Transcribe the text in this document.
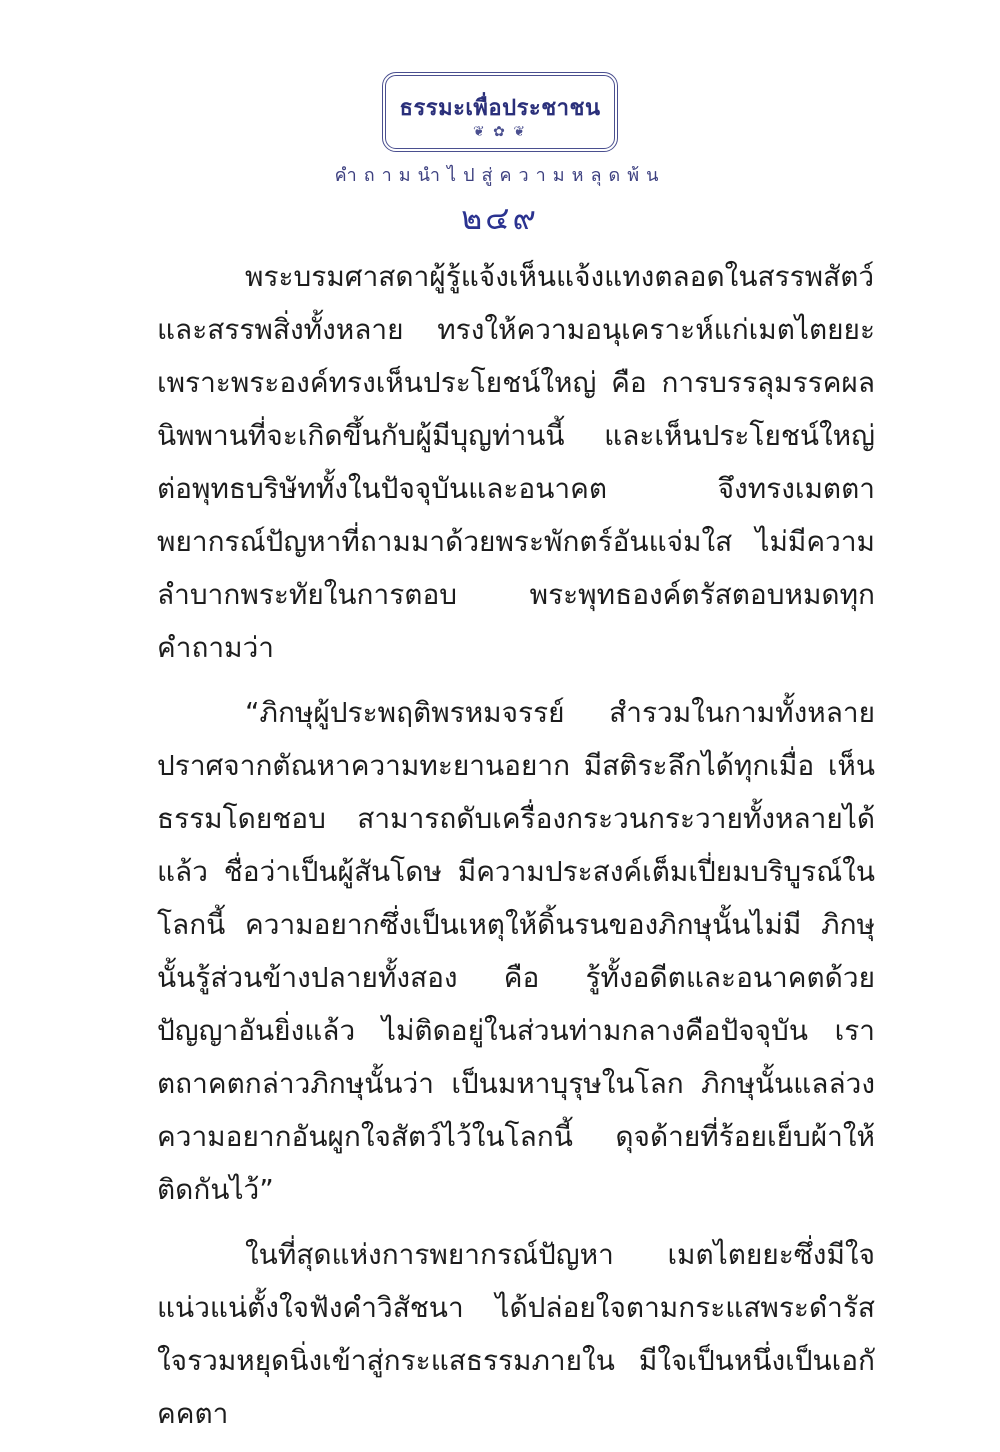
ธรรมะเพื่อประชาชน
❦ ✿ ❦
คำถามนำไปสู่ความหลุดพ้น
๒๔๙

พระบรมศาสดาผู้รู้แจ้งเห็นแจ้งแทงตลอดในสรรพสัตว์และสรรพสิ่งทั้งหลาย ทรงให้ความอนุเคราะห์แก่เมตไตยยะ เพราะพระองค์ทรงเห็นประโยชน์ใหญ่ คือ การบรรลุมรรคผลนิพพานที่จะเกิดขึ้นกับผู้มีบุญท่านนี้ และเห็นประโยชน์ใหญ่ต่อพุทธบริษัททั้งในปัจจุบันและอนาคต จึงทรงเมตตาพยากรณ์ปัญหาที่ถามมาด้วยพระพักตร์อันแจ่มใส ไม่มีความลำบากพระทัยในการตอบ พระพุทธองค์ตรัสตอบหมดทุกคำถามว่า

“ภิกษุผู้ประพฤติพรหมจรรย์ สำรวมในกามทั้งหลาย ปราศจากตัณหาความทะยานอยาก มีสติระลึกได้ทุกเมื่อ เห็นธรรมโดยชอบ สามารถดับเครื่องกระวนกระวายทั้งหลายได้แล้ว ชื่อว่าเป็นผู้สันโดษ มีความประสงค์เต็มเปี่ยมบริบูรณ์ในโลกนี้ ความอยากซึ่งเป็นเหตุให้ดิ้นรนของภิกษุนั้นไม่มี ภิกษุนั้นรู้ส่วนข้างปลายทั้งสอง คือ รู้ทั้งอดีตและอนาคตด้วยปัญญาอันยิ่งแล้ว ไม่ติดอยู่ในส่วนท่ามกลางคือปัจจุบัน เราตถาคตกล่าวภิกษุนั้นว่า เป็นมหาบุรุษในโลก ภิกษุนั้นแลล่วงความอยากอันผูกใจสัตว์ไว้ในโลกนี้ ดุจด้ายที่ร้อยเย็บผ้าให้ติดกันไว้”

ในที่สุดแห่งการพยากรณ์ปัญหา เมตไตยยะซึ่งมีใจแน่วแน่ตั้งใจฟังคำวิสัชนา ได้ปล่อยใจตามกระแสพระดำรัส ใจรวมหยุดนิ่งเข้าสู่กระแสธรรมภายใน มีใจเป็นหนึ่งเป็นเอกัคคตา
